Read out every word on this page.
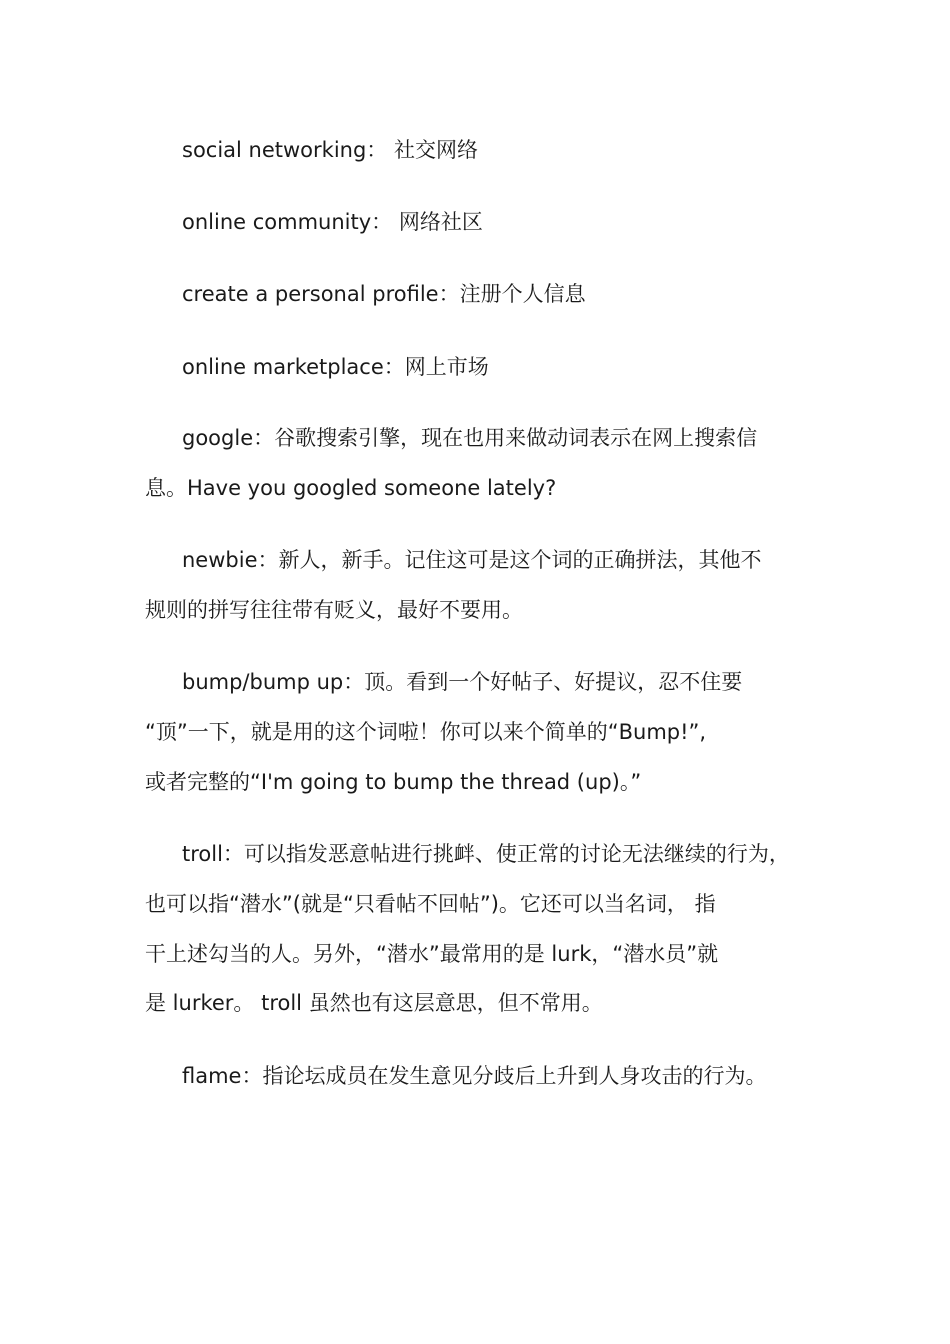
social networking： 社交网络
online community： 网络社区
create a personal profile：注册个人信息
online marketplace：网上市场
google：谷歌搜索引擎，现在也用来做动词表示在网上搜索信
息。Have you googled someone lately?
newbie：新人，新手。记住这可是这个词的正确拼法，其他不
规则的拼写往往带有贬义，最好不要用。
bump/bump up：顶。看到一个好帖子、好提议，忍不住要
“顶”一下，就是用的这个词啦！你可以来个简单的“Bump!”,
或者完整的“I'm going to bump the thread (up)。”
troll：可以指发恶意帖进行挑衅、使正常的讨论无法继续的行为，
也可以指“潜水”(就是“只看帖不回帖”)。它还可以当名词， 指
干上述勾当的人。另外，“潜水”最常用的是 lurk，“潜水员”就
是 lurker。 troll 虽然也有这层意思，但不常用。
flame：指论坛成员在发生意见分歧后上升到人身攻击的行为。
